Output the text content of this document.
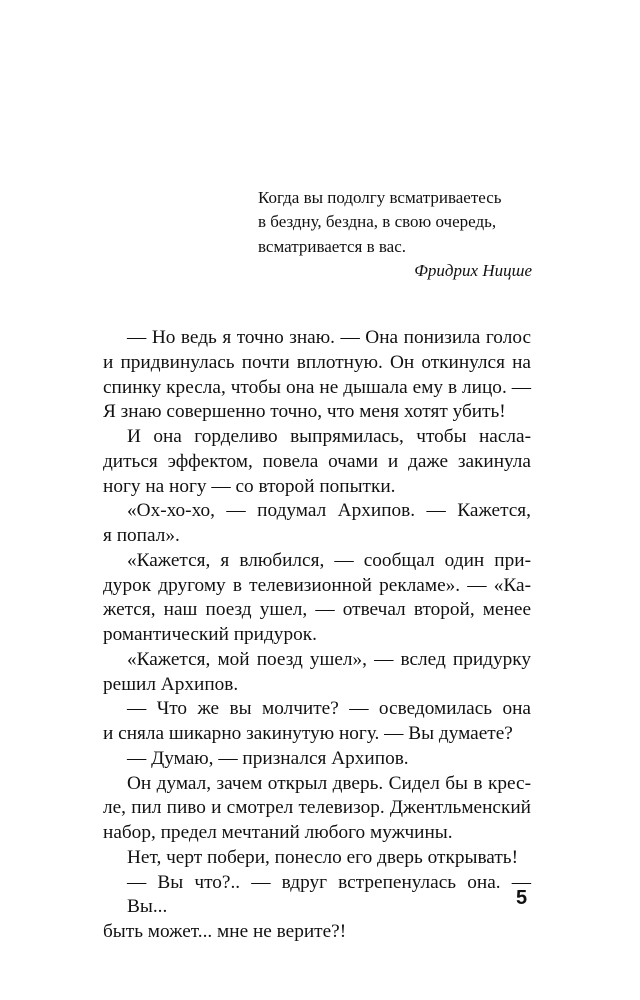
Когда вы подолгу всматриваетесь
в бездну, бездна, в свою очередь,
всматривается в вас.
Фридрих Ницше
— Но ведь я точно знаю. — Она понизила голос
и придвинулась почти вплотную. Он откинулся на
спинку кресла, чтобы она не дышала ему в лицо. —
Я знаю совершенно точно, что меня хотят убить!
И она горделиво выпрямилась, чтобы насла-
диться эффектом, повела очами и даже закинула
ногу на ногу — со второй попытки.
«Ох-хо-хо, — подумал Архипов. — Кажется,
я попал».
«Кажется, я влюбился, — сообщал один при-
дурок другому в телевизионной рекламе». — «Ка-
жется, наш поезд ушел, — отвечал второй, менее
романтический придурок.
«Кажется, мой поезд ушел», — вслед придурку
решил Архипов.
— Что же вы молчите? — осведомилась она
и сняла шикарно закинутую ногу. — Вы думаете?
— Думаю, — признался Архипов.
Он думал, зачем открыл дверь. Сидел бы в крес-
ле, пил пиво и смотрел телевизор. Джентльменский
набор, предел мечтаний любого мужчины.
Нет, черт побери, понесло его дверь открывать!
— Вы что?.. — вдруг встрепенулась она. — Вы...
быть может... мне не верите?!
5
